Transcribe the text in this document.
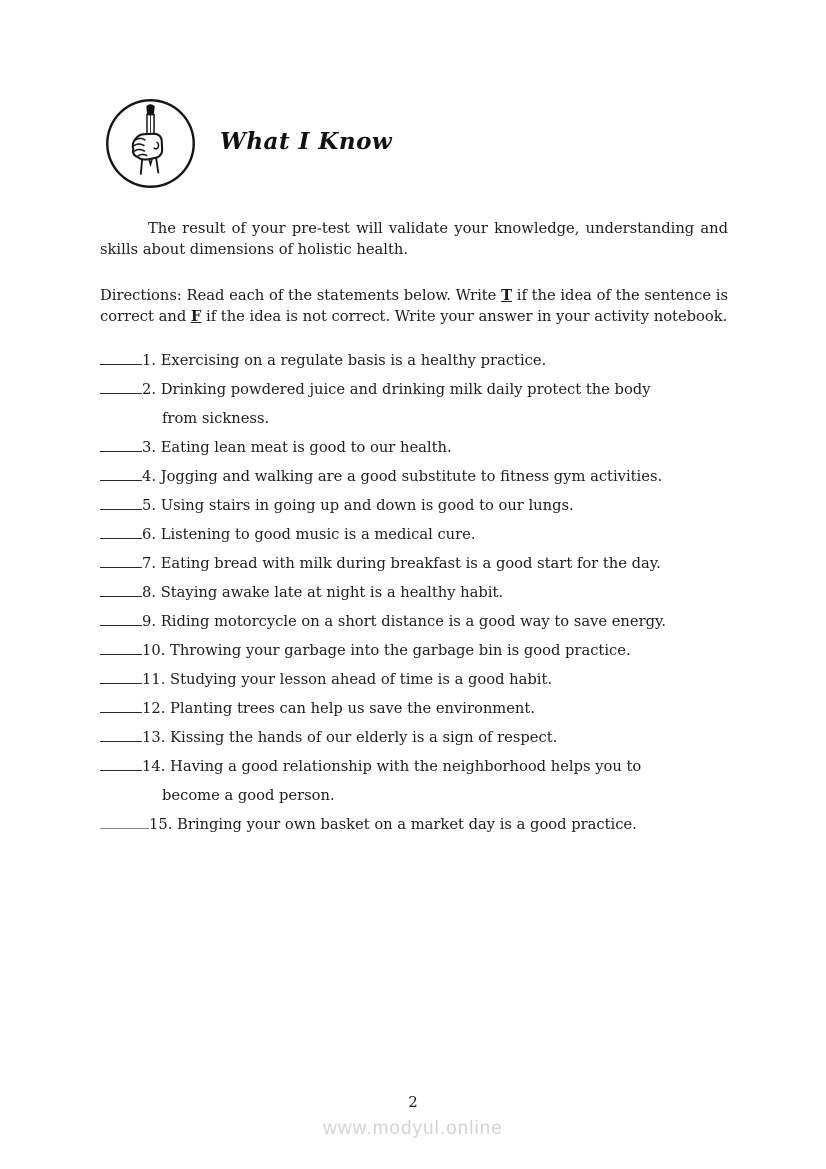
What I Know

The result of your pre-test will validate your knowledge, understanding and skills about dimensions of holistic health.

Directions: Read each of the statements below. Write T if the idea of the sentence is correct and F if the idea is not correct. Write your answer in your activity notebook.

1. Exercising on a regulate basis is a healthy practice.
2. Drinking powdered juice and drinking milk daily protect the body
from sickness.
3. Eating lean meat is good to our health.
4. Jogging and walking are a good substitute to fitness gym activities.
5. Using stairs in going up and down is good to our lungs.
6. Listening to good music is a medical cure.
7. Eating bread with milk during breakfast is a good start for the day.
8. Staying awake late at night is a healthy habit.
9. Riding motorcycle on a short distance is a good way to save energy.
10. Throwing your garbage into the garbage bin is good practice.
11. Studying your lesson ahead of time is a good habit.
12. Planting trees can help us save the environment.
13. Kissing the hands of our elderly is a sign of respect.
14. Having a good relationship with the neighborhood helps you to
become a good person.
15. Bringing your own basket on a market day is a good practice.
2
www.modyul.online
